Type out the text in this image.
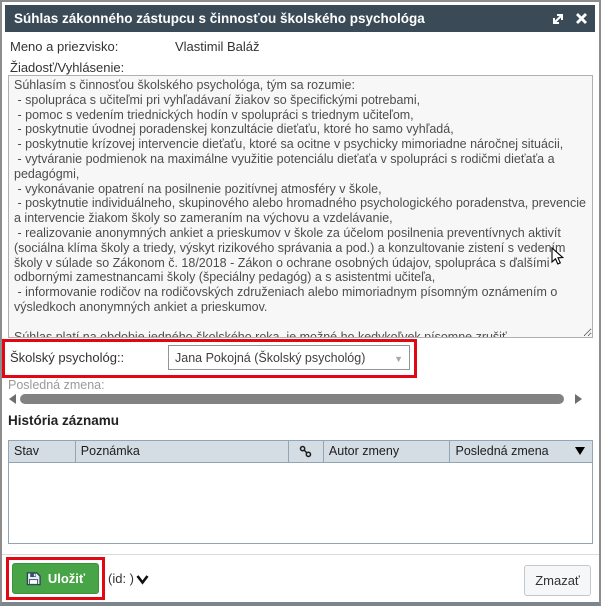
Súhlas zákonného zástupcu s činnosťou školského psychológa
Meno a priezvisko:	Vlastimil Baláž
Žiadosť/Vyhlásenie:
Súhlasím s činnosťou školského psychológa, tým sa rozumie: - spolupráca s učiteľmi pri vyhľadávaní žiakov so špecifickými potrebami, - pomoc s vedením triednických hodín v spolupráci s triednym učiteľom, - poskytnutie úvodnej poradenskej konzultácie dieťaťu, ktoré ho samo vyhľadá, - poskytnutie krízovej intervencie dieťaťu, ktoré sa ocitne v psychicky mimoriadne náročnej situácii, - vytváranie podmienok na maximálne využitie potenciálu dieťaťa v spolupráci s rodičmi dieťaťa a pedagógmi, - vykonávanie opatrení na posilnenie pozitívnej atmosféry v škole, - poskytnutie individuálneho, skupinového alebo hromadného psychologického poradenstva, prevencie a intervencie žiakom školy so zameraním na výchovu a vzdelávanie, - realizovanie anonymných ankiet a prieskumov v škole za účelom posilnenia preventívnych aktivít (sociálna klíma školy a triedy, výskyt rizikového správania a pod.) a konzultovanie zistení s vedením školy v súlade so Zákonom č. 18/2018 - Zákon o ochrane osobných údajov, spolupráca s ďalšími odbornými zamestnancami školy (špeciálny pedagóg) a s asistentmi učiteľa, - informovanie rodičov na rodičovských združeniach alebo mimoriadnym písomným oznámením o výsledkoch anonymných ankiet a prieskumov. Súhlas platí na obdobie jedného školského roka, je možné ho kedykoľvek písomne zrušiť.
Školský psychológ::	Jana Pokojná (Školský psychológ)	▼
Posledná zmena:
História záznamu
Stav	Poznámka	Autor zmeny	Posledná zmena
Uložiť (id: )	Zmazať
